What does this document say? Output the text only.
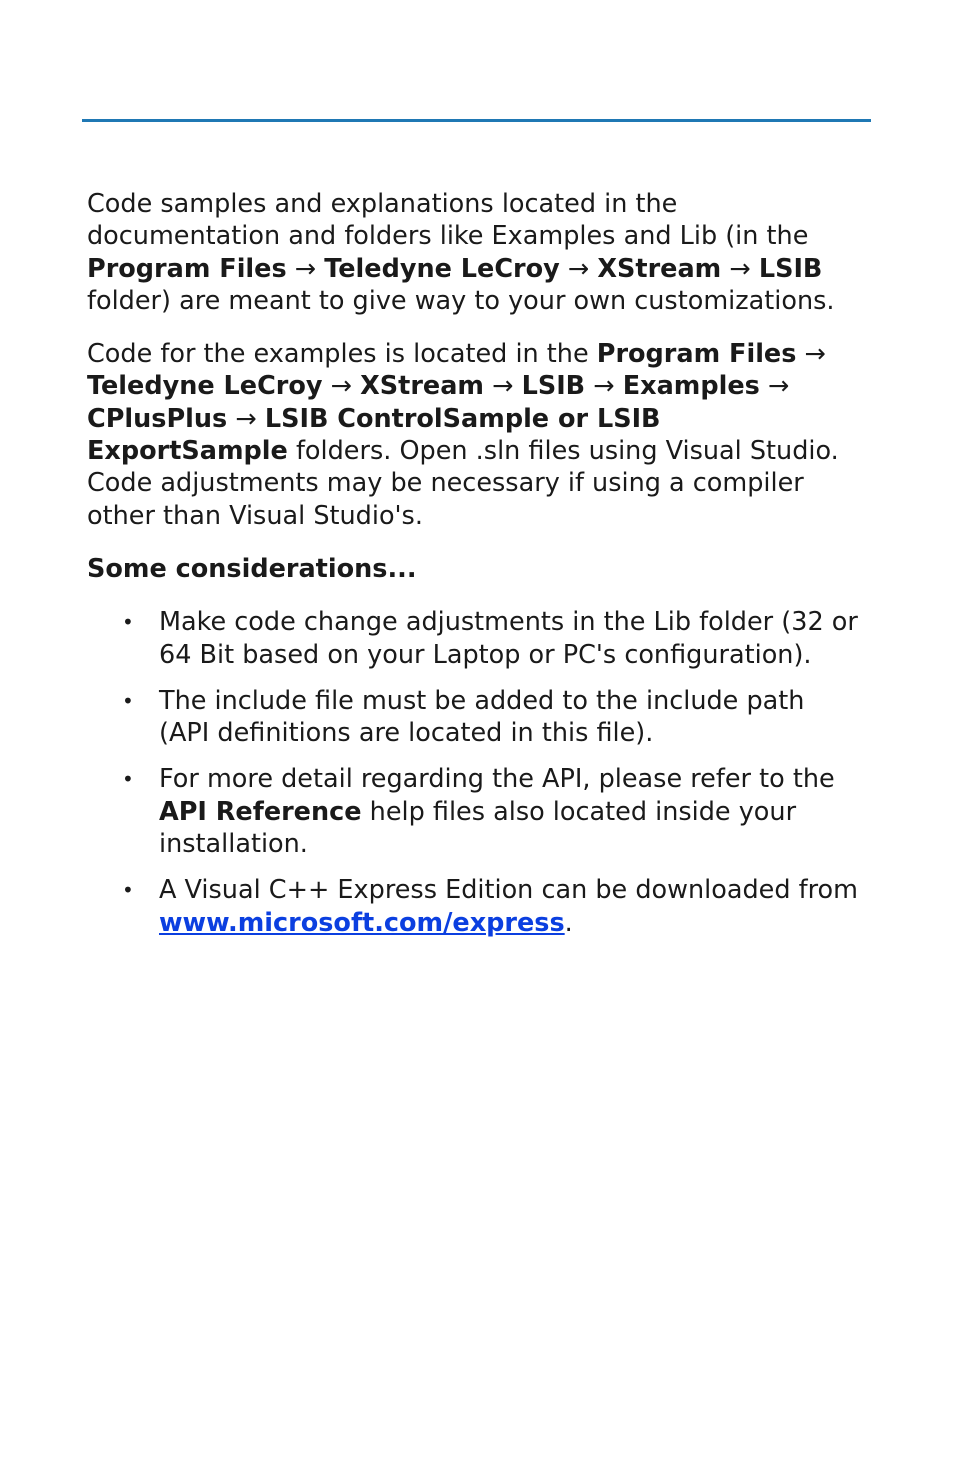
Code samples and explanations located in the documentation and folders like Examples and Lib (in the Program Files → Teledyne LeCroy → XStream → LSIB folder) are meant to give way to your own customizations.

Code for the examples is located in the Program Files → Teledyne LeCroy → XStream → LSIB → Examples → CPlusPlus → LSIB ControlSample or LSIB ExportSample folders. Open .sln files using Visual Studio. Code adjustments may be necessary if using a compiler other than Visual Studio's.

Some considerations...
• Make code change adjustments in the Lib folder (32 or 64 Bit based on your Laptop or PC's configuration).
• The include file must be added to the include path (API definitions are located in this file).
• For more detail regarding the API, please refer to the API Reference help files also located inside your installation.
• A Visual C++ Express Edition can be downloaded from www.microsoft.com/express.
